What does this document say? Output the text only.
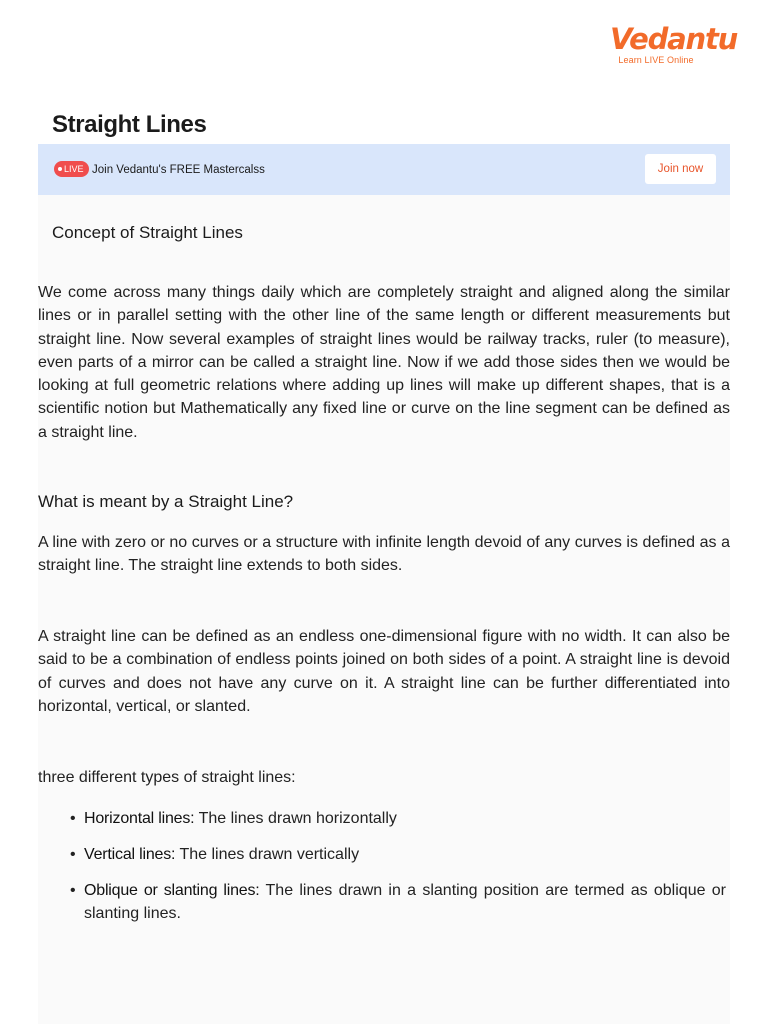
Vedantu
Learn LIVE Online
Straight Lines
LIVE Join Vedantu's FREE Mastercalss	Join now
Concept of Straight Lines

We come across many things daily which are completely straight and aligned along the similar lines or in parallel setting with the other line of the same length or different measurements but straight line. Now several examples of straight lines would be railway tracks, ruler (to measure), even parts of a mirror can be called a straight line. Now if we add those sides then we would be looking at full geometric relations where adding up lines will make up different shapes, that is a scientific notion but Mathematically any fixed line or curve on the line segment can be defined as a straight line.

What is meant by a Straight Line?

A line with zero or no curves or a structure with infinite length devoid of any curves is defined as a straight line. The straight line extends to both sides.

A straight line can be defined as an endless one-dimensional figure with no width. It can also be said to be a combination of endless points joined on both sides of a point. A straight line is devoid of curves and does not have any curve on it. A straight line can be further differentiated into horizontal, vertical, or slanted.

three different types of straight lines:

• Horizontal lines: The lines drawn horizontally
• Vertical lines: The lines drawn vertically
• Oblique or slanting lines: The lines drawn in a slanting position are termed as oblique or slanting lines.
